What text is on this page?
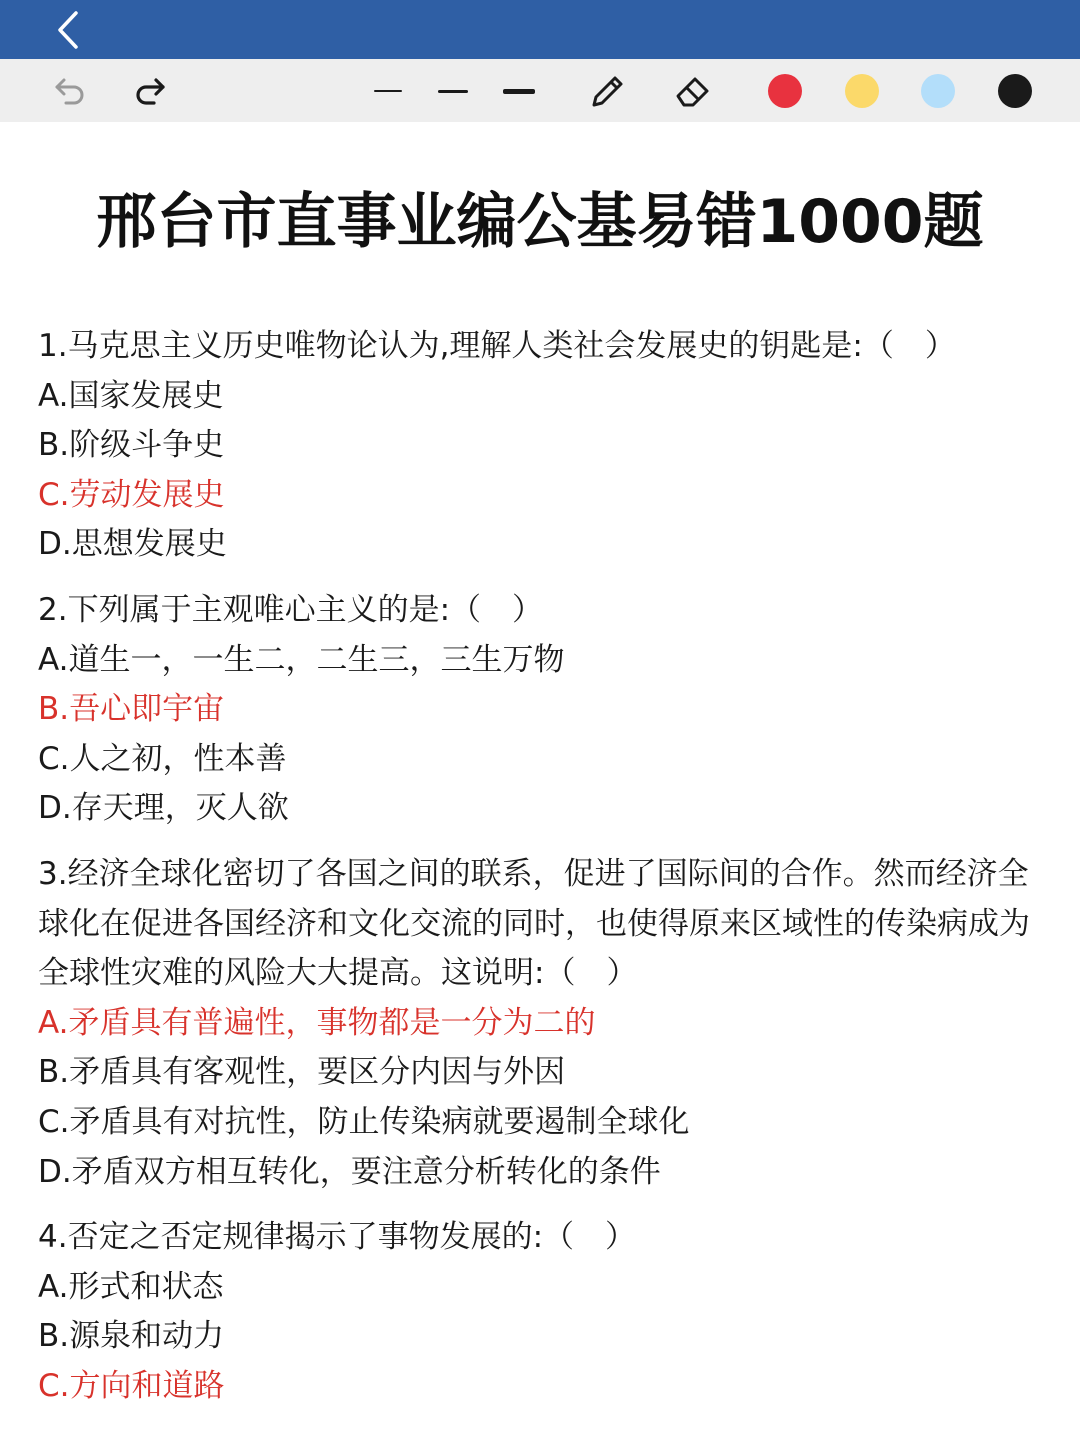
邢台市直事业编公基易错1000题
1.马克思主义历史唯物论认为,理解人类社会发展史的钥匙是:（　）
A.国家发展史
B.阶级斗争史
C.劳动发展史
D.思想发展史
2.下列属于主观唯心主义的是:（　）
A.道生一，一生二，二生三，三生万物
B.吾心即宇宙
C.人之初，性本善
D.存天理，灭人欲
3.经济全球化密切了各国之间的联系，促进了国际间的合作。然而经济全球化在促进各国经济和文化交流的同时，也使得原来区域性的传染病成为全球性灾难的风险大大提高。这说明:（　）
A.矛盾具有普遍性，事物都是一分为二的
B.矛盾具有客观性，要区分内因与外因
C.矛盾具有对抗性，防止传染病就要遏制全球化
D.矛盾双方相互转化，要注意分析转化的条件
4.否定之否定规律揭示了事物发展的:（　）
A.形式和状态
B.源泉和动力
C.方向和道路
